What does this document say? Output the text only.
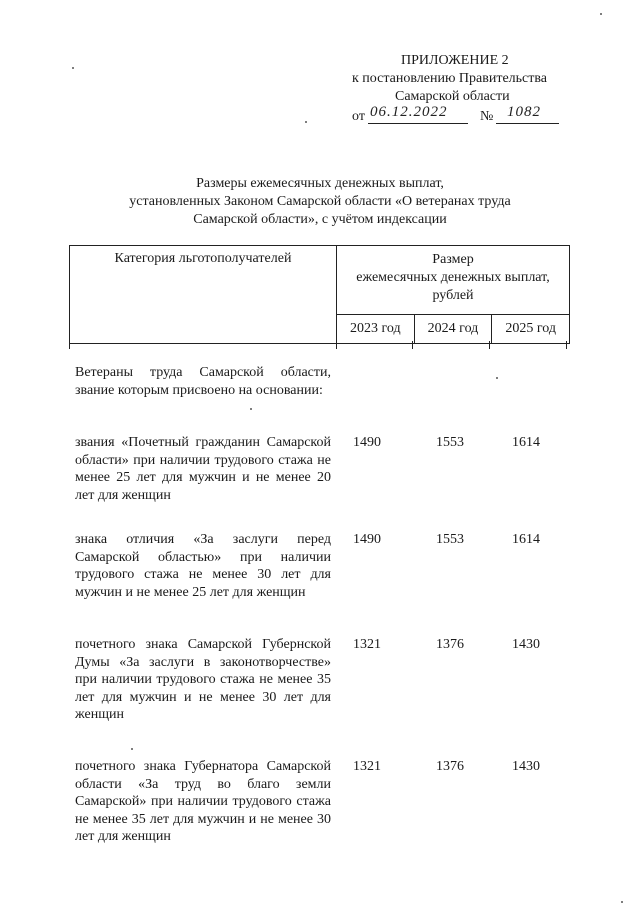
ПРИЛОЖЕНИЕ 2
к постановлению Правительства
Самарской области
от 06.12.2022 № 1082
Размеры ежемесячных денежных выплат,
установленных Законом Самарской области «О ветеранах труда
Самарской области», с учётом индексации
Категория льготополучателей	Размер
ежемесячных денежных выплат,
рублей		

	2023 год	2024 год	2025 год
Ветераны труда Самарской области, звание которым присвоено на основании:
звания «Почетный гражданин Самарской области» при наличии трудового стажа не менее 25 лет для мужчин и не менее 20 лет для женщин
1490	1553	1614
знака отличия «За заслуги перед Самарской областью» при наличии трудового стажа не менее 30 лет для мужчин и не менее 25 лет для женщин
1490	1553	1614
почетного знака Самарской Губернской Думы «За заслуги в законотворчестве» при наличии трудового стажа не менее 35 лет для мужчин и не менее 30 лет для женщин
1321	1376	1430
почетного знака Губернатора Самарской области «За труд во благо земли Самарской» при наличии трудового стажа не менее 35 лет для мужчин и не менее 30 лет для женщин
1321	1376	1430
